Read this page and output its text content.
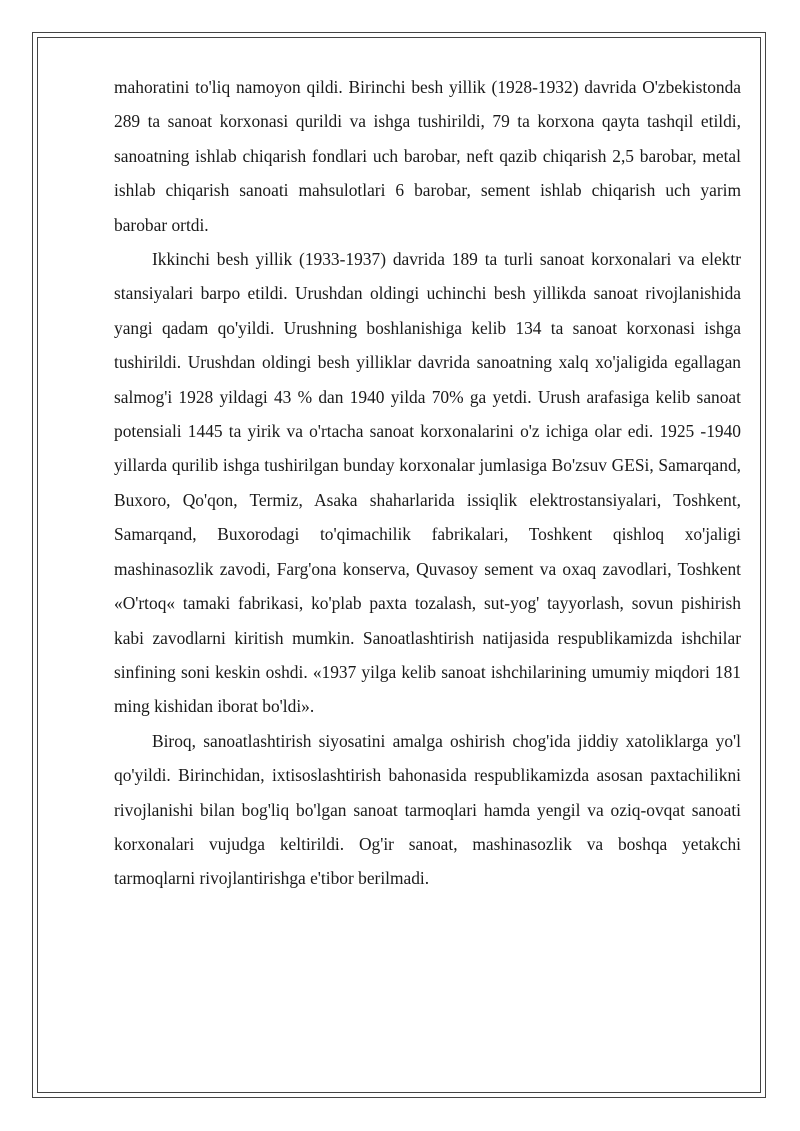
mahoratini to'liq namoyon qildi. Birinchi besh yillik (1928-1932) davrida O'zbekistonda 289 ta sanoat korxonasi qurildi va ishga tushirildi, 79 ta korxona qayta tashqil etildi, sanoatning ishlab chiqarish fondlari uch barobar, neft qazib chiqarish 2,5 barobar, metal ishlab chiqarish sanoati mahsulotlari 6 barobar, sement ishlab chiqarish uch yarim barobar ortdi.

Ikkinchi besh yillik (1933-1937) davrida 189 ta turli sanoat korxonalari va elektr stansiyalari barpo etildi. Urushdan oldingi uchinchi besh yillikda sanoat rivojlanishida yangi qadam qo'yildi. Urushning boshlanishiga kelib 134 ta sanoat korxonasi ishga tushirildi. Urushdan oldingi besh yilliklar davrida sanoatning xalq xo'jaligida egallagan salmog'i 1928 yildagi 43 % dan 1940 yilda 70% ga yetdi. Urush arafasiga kelib sanoat potensiali 1445 ta yirik va o'rtacha sanoat korxonalarini o'z ichiga olar edi. 1925 -1940 yillarda qurilib ishga tushirilgan bunday korxonalar jumlasiga Bo'zsuv GESi, Samarqand, Buxoro, Qo'qon, Termiz, Asaka shaharlarida issiqlik elektrostansiyalari, Toshkent, Samarqand, Buxorodagi to'qimachilik fabrikalari, Toshkent qishloq xo'jaligi mashinasozlik zavodi, Farg'ona konserva, Quvasoy sement va oxaq zavodlari, Toshkent «O'rtoq« tamaki fabrikasi, ko'plab paxta tozalash, sut-yog' tayyorlash, sovun pishirish kabi zavodlarni kiritish mumkin. Sanoatlashtirish natijasida respublikamizda ishchilar sinfining soni keskin oshdi. «1937 yilga kelib sanoat ishchilarining umumiy miqdori 181 ming kishidan iborat bo'ldi».

Biroq, sanoatlashtirish siyosatini amalga oshirish chog'ida jiddiy xatoliklarga yo'l qo'yildi. Birinchidan, ixtisoslashtirish bahonasida respublikamizda asosan paxtachilikni rivojlanishi bilan bog'liq bo'lgan sanoat tarmoqlari hamda yengil va oziq-ovqat sanoati korxonalari vujudga keltirildi. Og'ir sanoat, mashinasozlik va boshqa yetakchi tarmoqlarni rivojlantirishga e'tibor berilmadi.
